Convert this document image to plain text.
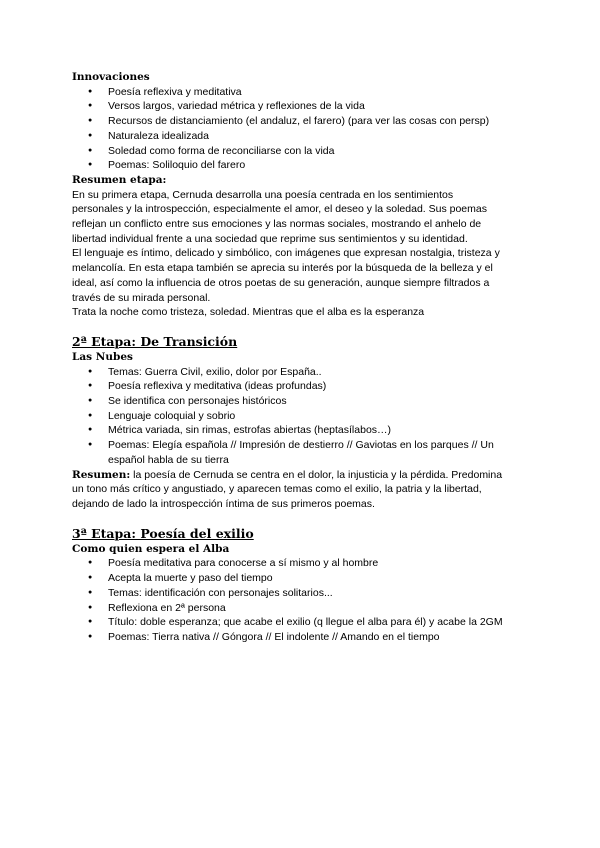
Innovaciones
● Poesía reflexiva y meditativa
● Versos largos, variedad métrica y reflexiones de la vida
● Recursos de distanciamiento (el andaluz, el farero) (para ver las cosas con persp)
● Naturaleza idealizada
● Soledad como forma de reconciliarse con la vida
● Poemas: Soliloquio del farero
Resumen etapa:

En su primera etapa, Cernuda desarrolla una poesía centrada en los sentimientos

personales y la introspección, especialmente el amor, el deseo y la soledad. Sus poemas

reflejan un conflicto entre sus emociones y las normas sociales, mostrando el anhelo de

libertad individual frente a una sociedad que reprime sus sentimientos y su identidad.

El lenguaje es íntimo, delicado y simbólico, con imágenes que expresan nostalgia, tristeza y

melancolía. En esta etapa también se aprecia su interés por la búsqueda de la belleza y el

ideal, así como la influencia de otros poetas de su generación, aunque siempre filtrados a

través de su mirada personal.

Trata la noche como tristeza, soledad. Mientras que el alba es la esperanza

2ª Etapa: De Transición
Las Nubes
● Temas: Guerra Civil, exilio, dolor por España..
● Poesía reflexiva y meditativa (ideas profundas)
● Se identifica con personajes históricos
● Lenguaje coloquial y sobrio
● Métrica variada, sin rimas, estrofas abiertas (heptasílabos…)
● Poemas: Elegía española // Impresión de destierro // Gaviotas en los parques // Un
español habla de su tierra

Resumen: la poesía de Cernuda se centra en el dolor, la injusticia y la pérdida. Predomina

un tono más crítico y angustiado, y aparecen temas como el exilio, la patria y la libertad,

dejando de lado la introspección íntima de sus primeros poemas.

3ª Etapa: Poesía del exilio
Como quien espera el Alba
● Poesía meditativa para conocerse a sí mismo y al hombre
● Acepta la muerte y paso del tiempo
● Temas: identificación con personajes solitarios...
● Reflexiona en 2ª persona
● Título: doble esperanza; que acabe el exilio (q llegue el alba para él) y acabe la 2GM
● Poemas: Tierra nativa // Góngora // El indolente // Amando en el tiempo
